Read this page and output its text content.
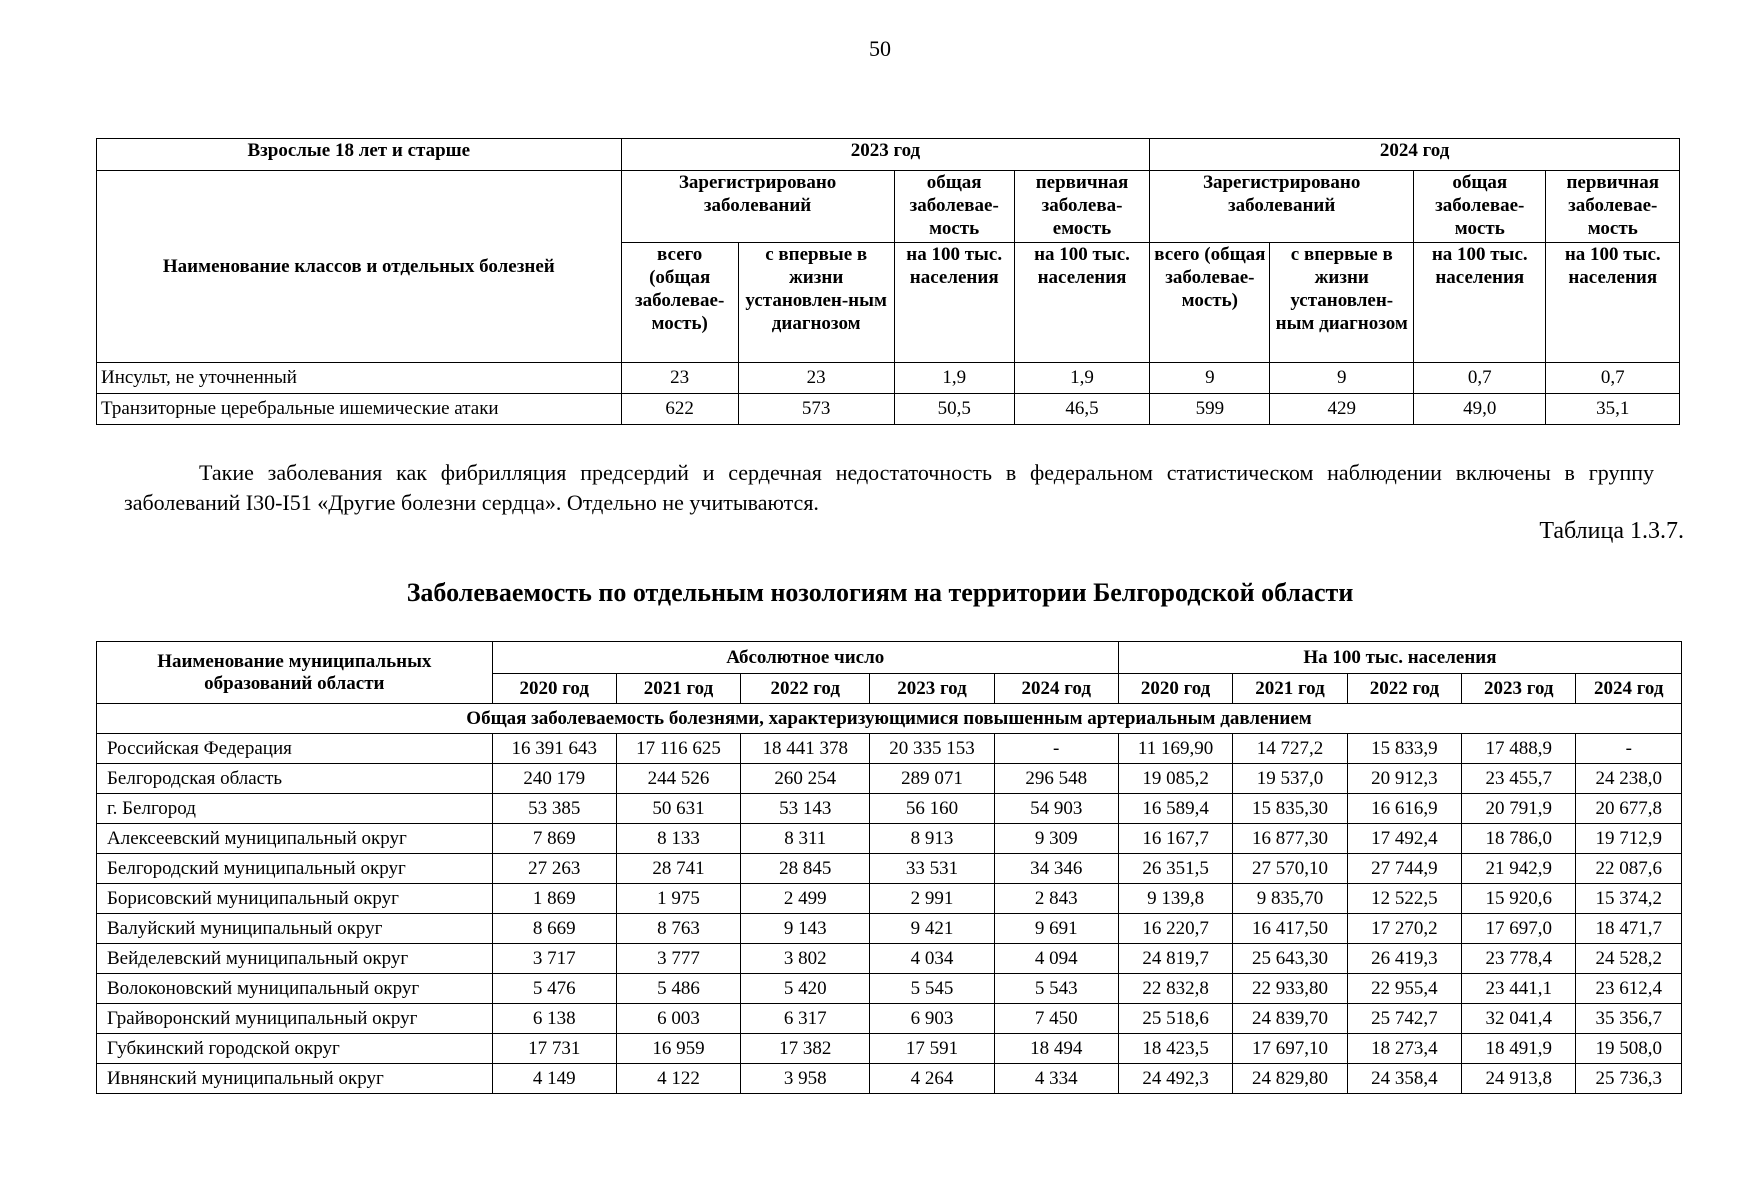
50
Взрослые 18 лет и старше	2023 год				2024 год			
Наименование классов и отдельных болезней	Зарегистрировано заболеваний		общая заболевае-мость	первичная заболева-емость	Зарегистрировано заболеваний		общая заболевае-мость	первичная заболевае-мость
	всего (общая заболевае-мость)	с впервые в жизни установлен-ным диагнозом	на 100 тыс. населения	на 100 тыс. населения	всего (общая заболевае-мость)	с впервые в жизни установлен-ным диагнозом	на 100 тыс. населения	на 100 тыс. населения
Инсульт, не уточненный	23	23	1,9	1,9	9	9	0,7	0,7
Транзиторные церебральные ишемические атаки	622	573	50,5	46,5	599	429	49,0	35,1
Такие заболевания как фибрилляция предсердий и сердечная недостаточность в федеральном статистическом наблюдении включены в группу заболеваний I30-I51 «Другие болезни сердца». Отдельно не учитываются.
Таблица 1.3.7.
Заболеваемость по отдельным нозологиям на территории Белгородской области
Наименование муниципальных образований области	Абсолютное число					На 100 тыс. населения				
	2020 год	2021 год	2022 год	2023 год	2024 год	2020 год	2021 год	2022 год	2023 год	2024 год
Общая заболеваемость болезнями, характеризующимися повышенным артериальным давлением										
Российская Федерация	16 391 643	17 116 625	18 441 378	20 335 153	-	11 169,90	14 727,2	15 833,9	17 488,9	-
Белгородская область	240 179	244 526	260 254	289 071	296 548	19 085,2	19 537,0	20 912,3	23 455,7	24 238,0
г. Белгород	53 385	50 631	53 143	56 160	54 903	16 589,4	15 835,30	16 616,9	20 791,9	20 677,8
Алексеевский муниципальный округ	7 869	8 133	8 311	8 913	9 309	16 167,7	16 877,30	17 492,4	18 786,0	19 712,9
Белгородский муниципальный округ	27 263	28 741	28 845	33 531	34 346	26 351,5	27 570,10	27 744,9	21 942,9	22 087,6
Борисовский муниципальный округ	1 869	1 975	2 499	2 991	2 843	9 139,8	9 835,70	12 522,5	15 920,6	15 374,2
Валуйский муниципальный округ	8 669	8 763	9 143	9 421	9 691	16 220,7	16 417,50	17 270,2	17 697,0	18 471,7
Вейделевский муниципальный округ	3 717	3 777	3 802	4 034	4 094	24 819,7	25 643,30	26 419,3	23 778,4	24 528,2
Волоконовский муниципальный округ	5 476	5 486	5 420	5 545	5 543	22 832,8	22 933,80	22 955,4	23 441,1	23 612,4
Грайворонский муниципальный округ	6 138	6 003	6 317	6 903	7 450	25 518,6	24 839,70	25 742,7	32 041,4	35 356,7
Губкинский городской округ	17 731	16 959	17 382	17 591	18 494	18 423,5	17 697,10	18 273,4	18 491,9	19 508,0
Ивнянский муниципальный округ	4 149	4 122	3 958	4 264	4 334	24 492,3	24 829,80	24 358,4	24 913,8	25 736,3
